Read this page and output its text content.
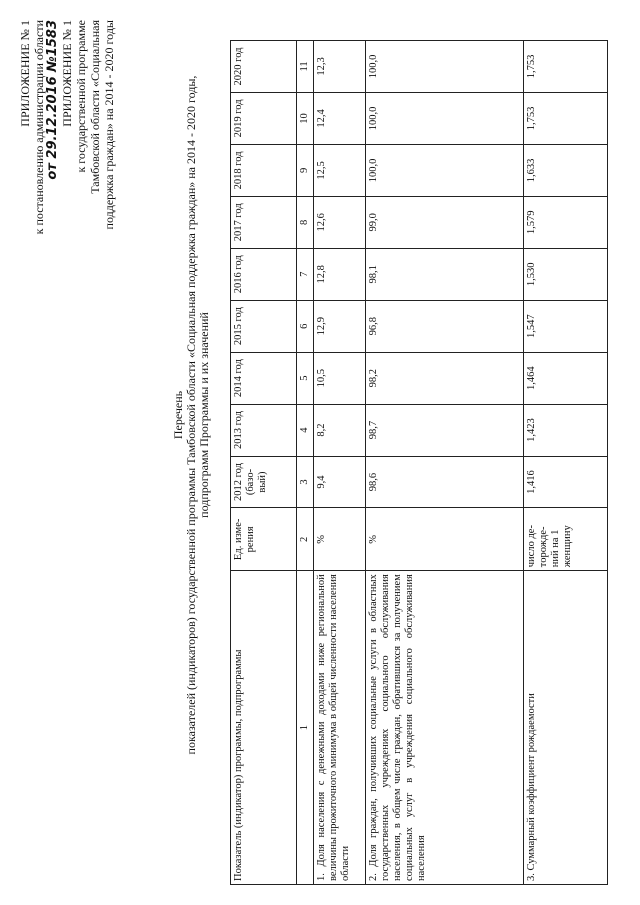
ПРИЛОЖЕНИЕ № 1 к постановлению администрации области от 29.12.2016 №1583 ПРИЛОЖЕНИЕ № 1 к государственной программе Тамбовской области «Социальная поддержка граждан» на 2014 - 2020 годы
Перечень показателей (индикаторов) государственной программы Тамбовской области «Социальная поддержка граждан» на 2014 - 2020 годы, подпрограмм Программы и их значений
Показатель (индикатор) программы, подпрограммы	Ед. изме-рения	2012 год (базо-вый)	2013 год	2014 год	2015 год	2016 год	2017 год	2018 год	2019 год	2020 год
1	2	3	4	5	6	7	8	9	10	11
1. Доля населения с денежными доходами ниже региональной величины прожиточного минимума в общей численности населения области	%	9,4	8,2	10,5	12,9	12,8	12,6	12,5	12,4	12,3
2. Доля граждан, получивших социальные услуги в областных государственных учреждениях социального обслуживания населения, в общем числе граждан, обратившихся за получением социальных услуг в учреждения социального обслуживания населения	%	98,6	98,7	98,2	96,8	98,1	99,0	100,0	100,0	100,0
3. Суммарный коэффициент рождаемости	число де-торожде-ний на 1 женщину	1,416	1,423	1,464	1,547	1,530	1,579	1,633	1,753	1,753
